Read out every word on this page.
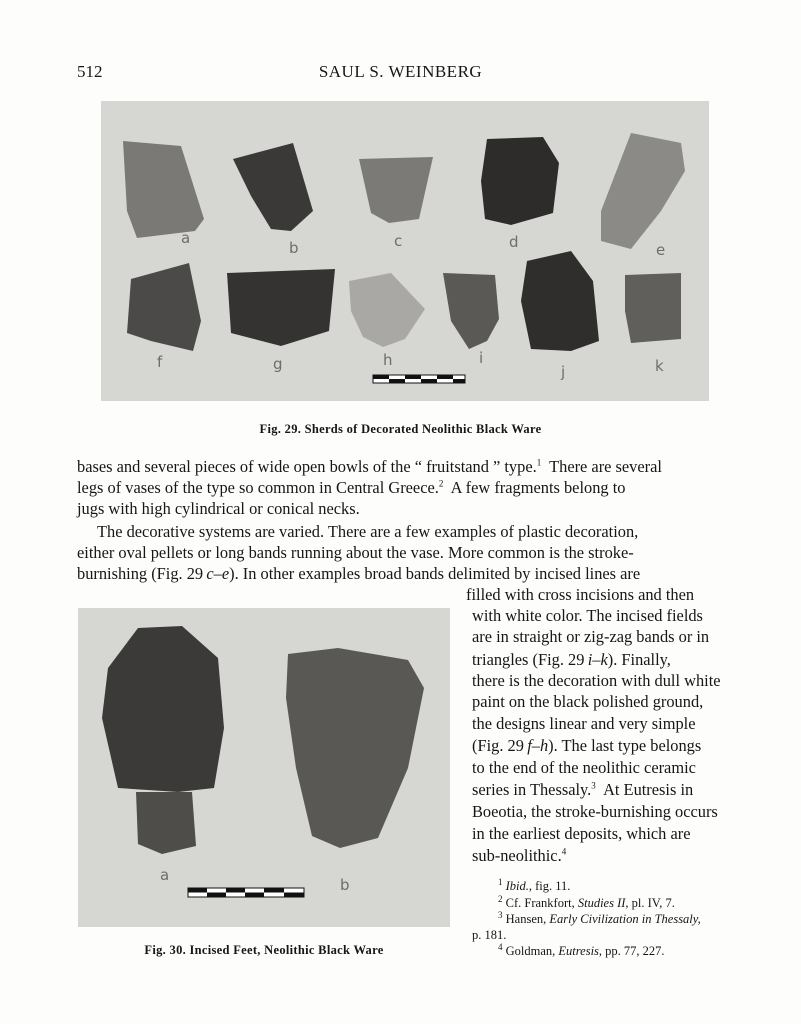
512	SAUL S. WEINBERG
a
b	c	d	e
f	g	h	i
j	k
Fig. 29. Sherds of Decorated Neolithic Black Ware
bases and several pieces of wide open bowls of the “ fruitstand ” type.$^1$ There are several
legs of vases of the type so common in Central Greece.$^2$ A few fragments belong to
jugs with high cylindrical or conical necks.
The decorative systems are varied. There are a few examples of plastic decoration,
either oval pellets or long bands running about the vase. More common is the stroke-
burnishing (Fig. 29 c–e). In other examples broad bands delimited by incised lines are
a
b
Fig. 30. Incised Feet, Neolithic Black Ware
filled with cross incisions and then
with white color. The incised fields
are in straight or zig-zag bands or in
triangles (Fig. 29 i–k). Finally,
there is the decoration with dull white
paint on the black polished ground,
the designs linear and very simple
(Fig. 29 f–h). The last type belongs
to the end of the neolithic ceramic
series in Thessaly.$^3$ At Eutresis in
Boeotia, the stroke-burnishing occurs
in the earliest deposits, which are
sub-neolithic.$^4$
$^1$ Ibid., fig. 11.
$^2$ Cf. Frankfort, Studies II, pl. IV, 7.
$^3$ Hansen, Early Civilization in Thessaly,
p. 181.
$^4$ Goldman, Eutresis, pp. 77, 227.
